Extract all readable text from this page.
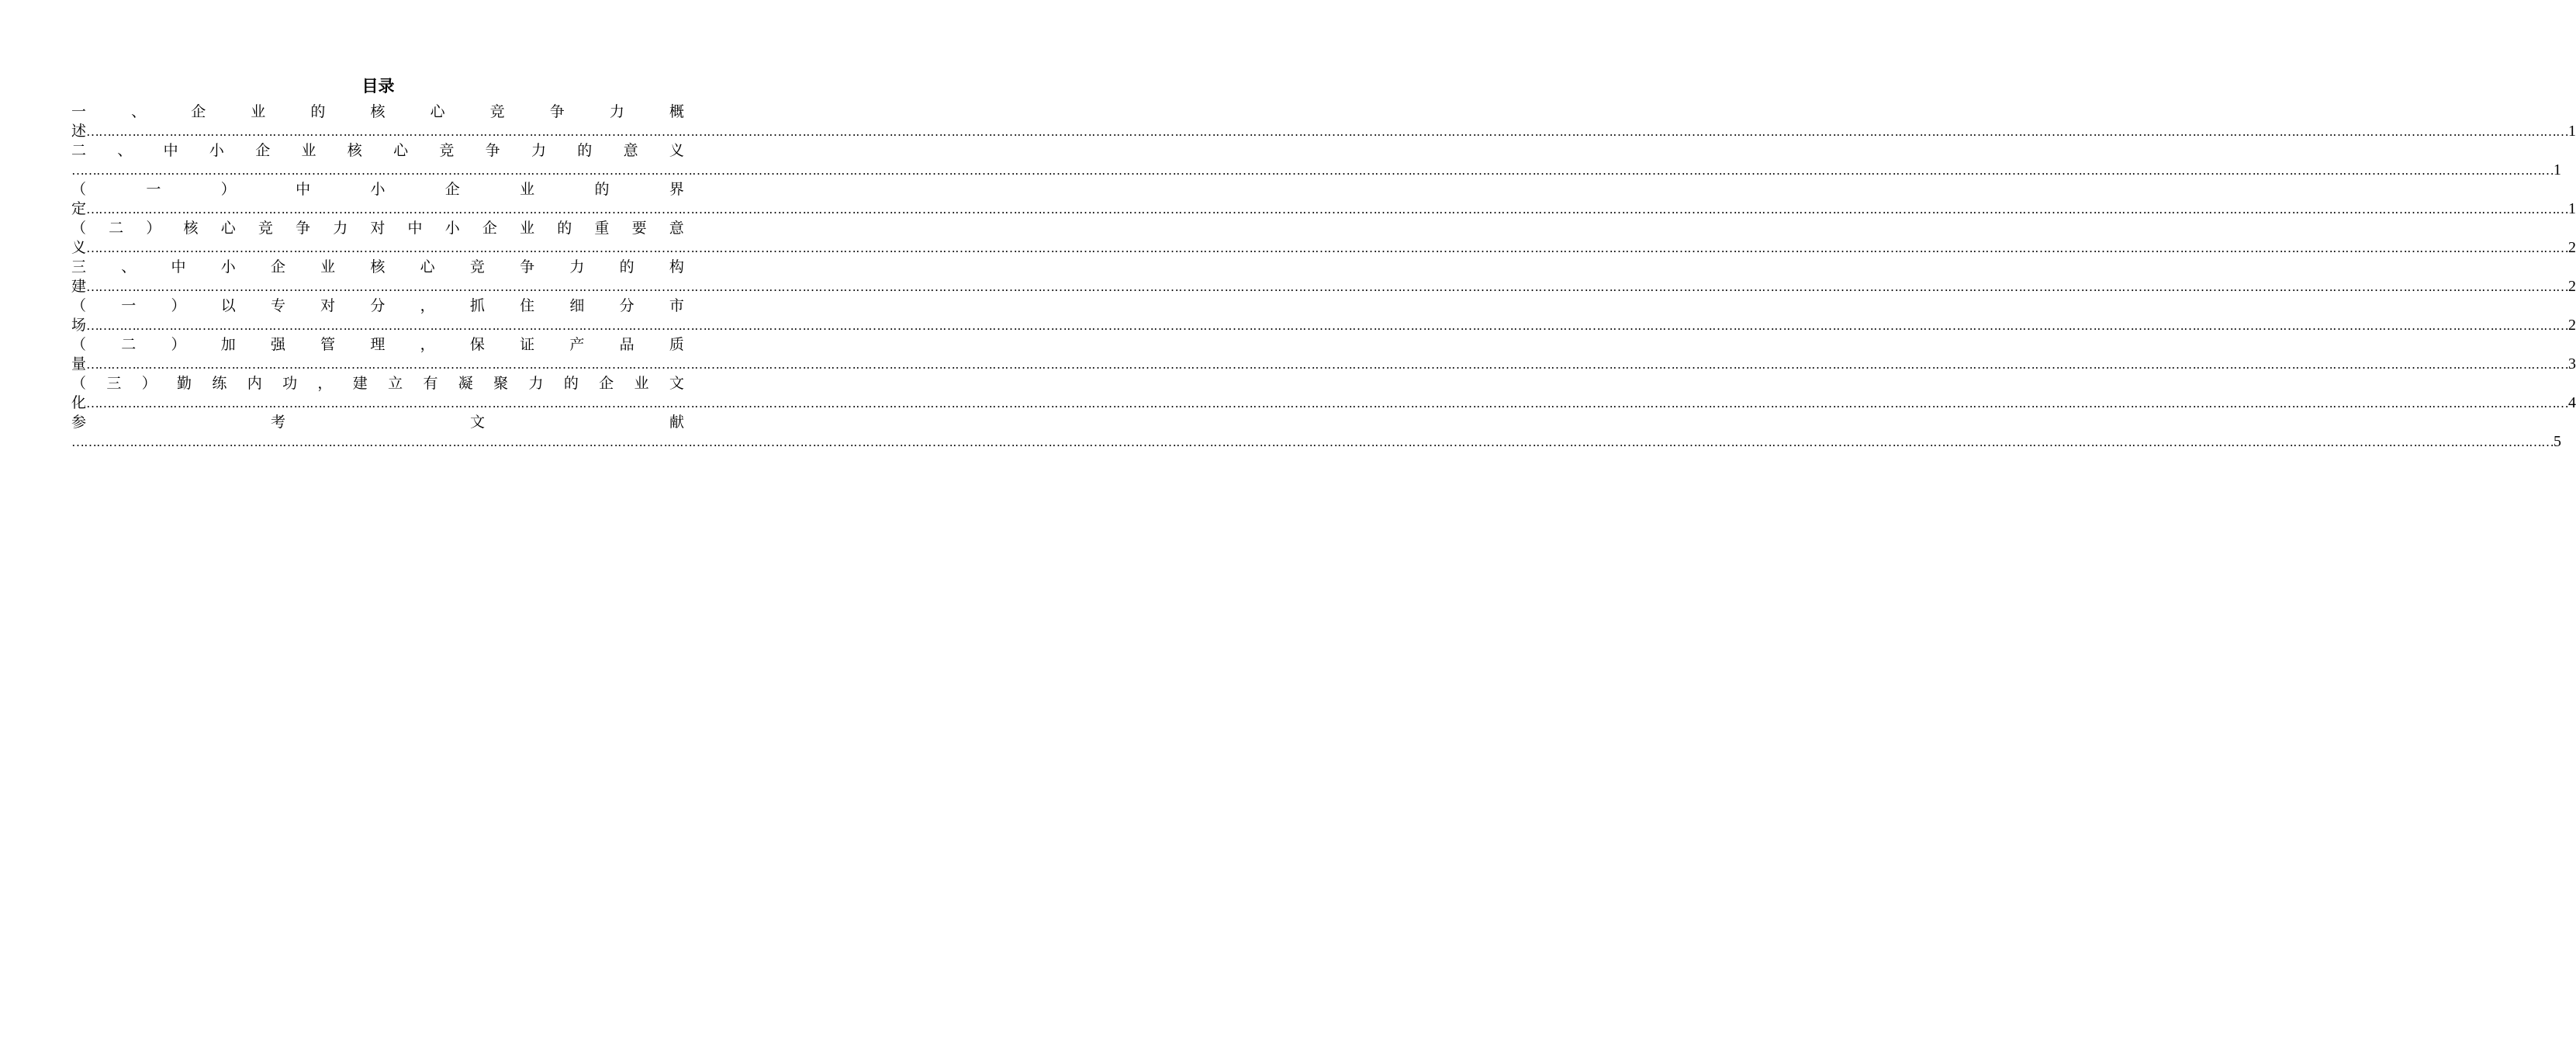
目录
一	、	企	业	的	核	心	竞	争	力	概
述 …………………………………………………………………………………………………………………………………………………………………………………………………………………………………………………………………………………………………………………………………………………………………………………………………………………………………………………………………………………………………………………………………………………… 1
二 、 中 小 企 业 核 心 竞 争 力 的 意 义
…………………………………………………………………………………………………………………………………………………………………………………………………………………………………………………………………………………………………………………………………………………………………………………………………………………………………………………………………………………………………………………………………………………… 1
（	一	）	中	小	企	业	的	界
定 …………………………………………………………………………………………………………………………………………………………………………………………………………………………………………………………………………………………………………………………………………………………………………………………………………………………………………………………………………………………………………………………………………………… 1
（ 二 ） 核 心 竞 争 力 对 中 小 企 业 的 重 要 意
义 …………………………………………………………………………………………………………………………………………………………………………………………………………………………………………………………………………………………………………………………………………………………………………………………………………………………………………………………………………………………………………………………………………………… 2
三 、 中 小 企 业 核 心 竞 争 力 的 构
建 …………………………………………………………………………………………………………………………………………………………………………………………………………………………………………………………………………………………………………………………………………………………………………………………………………………………………………………………………………………………………………………………………………………… 2
（ 一 ） 以 专 对 分 ， 抓 住 细 分 市
场 …………………………………………………………………………………………………………………………………………………………………………………………………………………………………………………………………………………………………………………………………………………………………………………………………………………………………………………………………………………………………………………………………………………… 2
（ 二 ） 加 强 管 理 ， 保 证 产 品 质
量 …………………………………………………………………………………………………………………………………………………………………………………………………………………………………………………………………………………………………………………………………………………………………………………………………………………………………………………………………………………………………………………………………………………… 3
（ 三 ） 勤 练 内 功 ， 建 立 有 凝 聚 力 的 企 业 文
化 …………………………………………………………………………………………………………………………………………………………………………………………………………………………………………………………………………………………………………………………………………………………………………………………………………………………………………………………………………………………………………………………………………………… 4
参	考	文	献
…………………………………………………………………………………………………………………………………………………………………………………………………………………………………………………………………………………………………………………………………………………………………………………………………………………………………………………………………………………………………………………………………………………… 5
